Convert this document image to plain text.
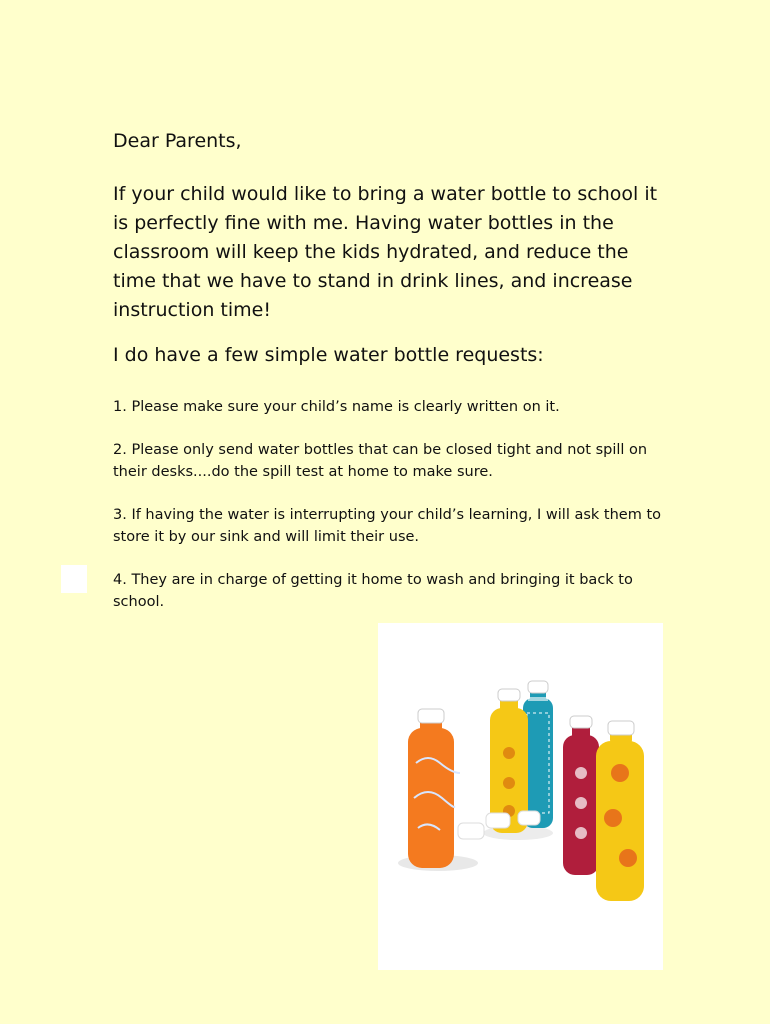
Dear Parents,

If your child would like to bring a water bottle to school it is perfectly fine with me. Having water bottles in the classroom will keep the kids hydrated, and reduce the time that we have to stand in drink lines, and increase instruction time!

I do have a few simple water bottle requests:

1. Please make sure your child’s name is clearly written on it.

2. Please only send water bottles that can be closed tight and not spill on their desks....do the spill test at home to make sure.

3. If having the water is interrupting your child’s learning, I will ask them to store it by our sink and will limit their use.

4. They are in charge of getting it home to wash and bringing it back to school.
